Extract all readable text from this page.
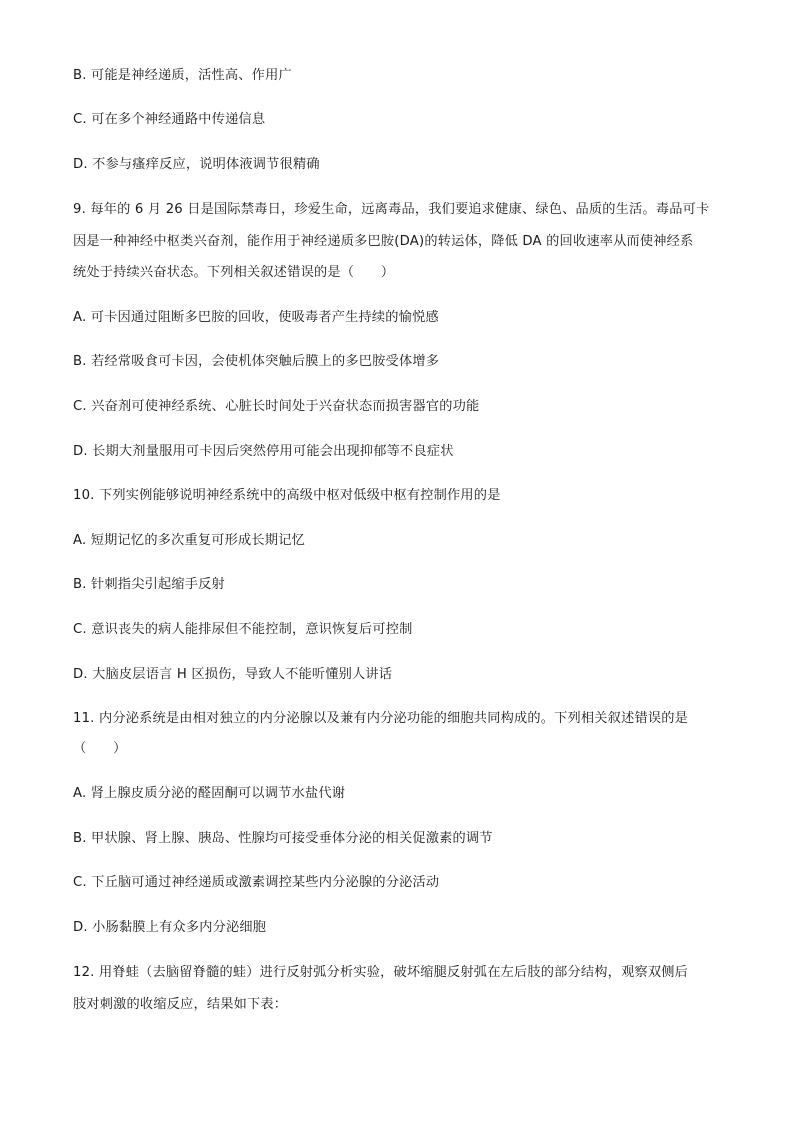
B. 可能是神经递质，活性高、作用广
C. 可在多个神经通路中传递信息
D. 不参与瘙痒反应，说明体液调节很精确
9. 每年的 6 月 26 日是国际禁毒日，珍爱生命，远离毒品，我们要追求健康、绿色、品质的生活。毒品可卡
因是一种神经中枢类兴奋剂，能作用于神经递质多巴胺(DA)的转运体，降低 DA 的回收速率从而使神经系
统处于持续兴奋状态。下列相关叙述错误的是（　　）
A. 可卡因通过阻断多巴胺的回收，使吸毒者产生持续的愉悦感
B. 若经常吸食可卡因，会使机体突触后膜上的多巴胺受体增多
C. 兴奋剂可使神经系统、心脏长时间处于兴奋状态而损害器官的功能
D. 长期大剂量服用可卡因后突然停用可能会出现抑郁等不良症状
10. 下列实例能够说明神经系统中的高级中枢对低级中枢有控制作用的是
A. 短期记忆的多次重复可形成长期记忆
B. 针刺指尖引起缩手反射
C. 意识丧失的病人能排尿但不能控制，意识恢复后可控制
D. 大脑皮层语言 H 区损伤，导致人不能听懂别人讲话
11. 内分泌系统是由相对独立的内分泌腺以及兼有内分泌功能的细胞共同构成的。下列相关叙述错误的是
（　　）
A. 肾上腺皮质分泌的醛固酮可以调节水盐代谢
B. 甲状腺、肾上腺、胰岛、性腺均可接受垂体分泌的相关促激素的调节
C. 下丘脑可通过神经递质或激素调控某些内分泌腺的分泌活动
D. 小肠黏膜上有众多内分泌细胞
12. 用脊蛙（去脑留脊髓的蛙）进行反射弧分析实验，破坏缩腿反射弧在左后肢的部分结构，观察双侧后
肢对刺激的收缩反应，结果如下表：
